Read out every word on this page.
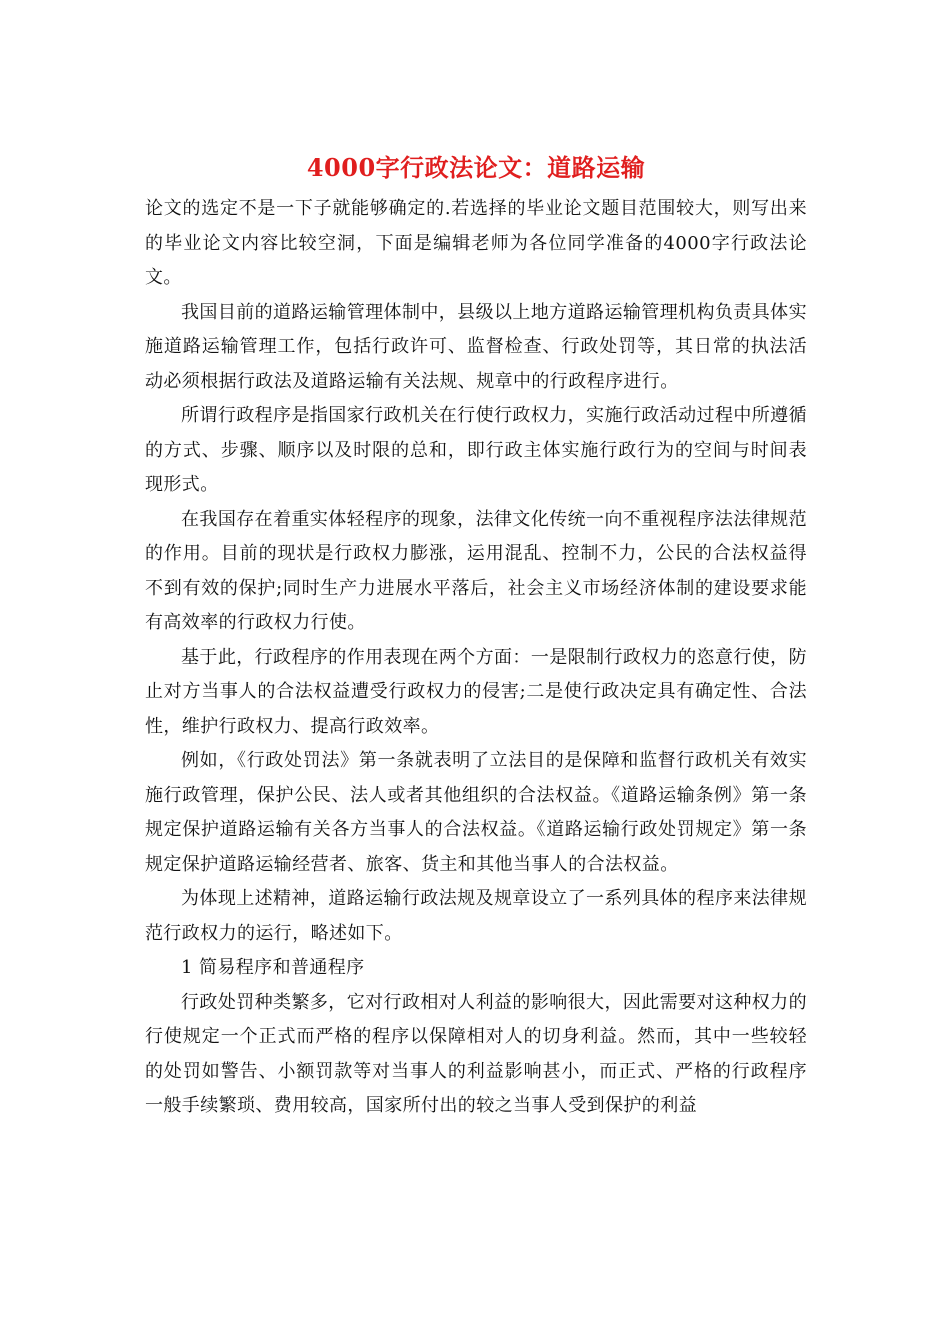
4000字行政法论文：道路运输

论文的选定不是一下子就能够确定的.若选择的毕业论文题目范围较大，则写出来的毕业论文内容比较空洞，下面是编辑老师为各位同学准备的4000字行政法论文。

我国目前的道路运输管理体制中，县级以上地方道路运输管理机构负责具体实施道路运输管理工作，包括行政许可、监督检查、行政处罚等，其日常的执法活动必须根据行政法及道路运输有关法规、规章中的行政程序进行。

所谓行政程序是指国家行政机关在行使行政权力，实施行政活动过程中所遵循的方式、步骤、顺序以及时限的总和，即行政主体实施行政行为的空间与时间表现形式。

在我国存在着重实体轻程序的现象，法律文化传统一向不重视程序法法律规范的作用。目前的现状是行政权力膨涨，运用混乱、控制不力，公民的合法权益得不到有效的保护;同时生产力进展水平落后，社会主义市场经济体制的建设要求能有高效率的行政权力行使。

基于此，行政程序的作用表现在两个方面：一是限制行政权力的恣意行使，防止对方当事人的合法权益遭受行政权力的侵害;二是使行政决定具有确定性、合法性，维护行政权力、提高行政效率。

例如，《行政处罚法》第一条就表明了立法目的是保障和监督行政机关有效实施行政管理，保护公民、法人或者其他组织的合法权益。《道路运输条例》第一条规定保护道路运输有关各方当事人的合法权益。《道路运输行政处罚规定》第一条规定保护道路运输经营者、旅客、货主和其他当事人的合法权益。

为体现上述精神，道路运输行政法规及规章设立了一系列具体的程序来法律规范行政权力的运行，略述如下。

1 简易程序和普通程序

行政处罚种类繁多，它对行政相对人利益的影响很大，因此需要对这种权力的行使规定一个正式而严格的程序以保障相对人的切身利益。然而，其中一些较轻的处罚如警告、小额罚款等对当事人的利益影响甚小，而正式、严格的行政程序一般手续繁琐、费用较高，国家所付出的较之当事人受到保护的利益
